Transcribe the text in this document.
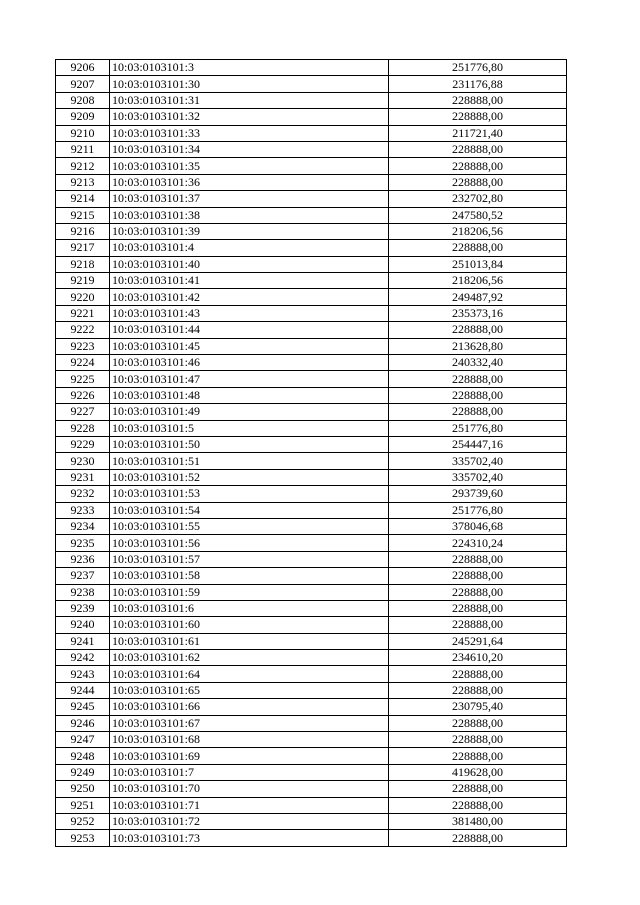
9206	10:03:0103101:3	251776,80
9207	10:03:0103101:30	231176,88
9208	10:03:0103101:31	228888,00
9209	10:03:0103101:32	228888,00
9210	10:03:0103101:33	211721,40
9211	10:03:0103101:34	228888,00
9212	10:03:0103101:35	228888,00
9213	10:03:0103101:36	228888,00
9214	10:03:0103101:37	232702,80
9215	10:03:0103101:38	247580,52
9216	10:03:0103101:39	218206,56
9217	10:03:0103101:4	228888,00
9218	10:03:0103101:40	251013,84
9219	10:03:0103101:41	218206,56
9220	10:03:0103101:42	249487,92
9221	10:03:0103101:43	235373,16
9222	10:03:0103101:44	228888,00
9223	10:03:0103101:45	213628,80
9224	10:03:0103101:46	240332,40
9225	10:03:0103101:47	228888,00
9226	10:03:0103101:48	228888,00
9227	10:03:0103101:49	228888,00
9228	10:03:0103101:5	251776,80
9229	10:03:0103101:50	254447,16
9230	10:03:0103101:51	335702,40
9231	10:03:0103101:52	335702,40
9232	10:03:0103101:53	293739,60
9233	10:03:0103101:54	251776,80
9234	10:03:0103101:55	378046,68
9235	10:03:0103101:56	224310,24
9236	10:03:0103101:57	228888,00
9237	10:03:0103101:58	228888,00
9238	10:03:0103101:59	228888,00
9239	10:03:0103101:6	228888,00
9240	10:03:0103101:60	228888,00
9241	10:03:0103101:61	245291,64
9242	10:03:0103101:62	234610,20
9243	10:03:0103101:64	228888,00
9244	10:03:0103101:65	228888,00
9245	10:03:0103101:66	230795,40
9246	10:03:0103101:67	228888,00
9247	10:03:0103101:68	228888,00
9248	10:03:0103101:69	228888,00
9249	10:03:0103101:7	419628,00
9250	10:03:0103101:70	228888,00
9251	10:03:0103101:71	228888,00
9252	10:03:0103101:72	381480,00
9253	10:03:0103101:73	228888,00
